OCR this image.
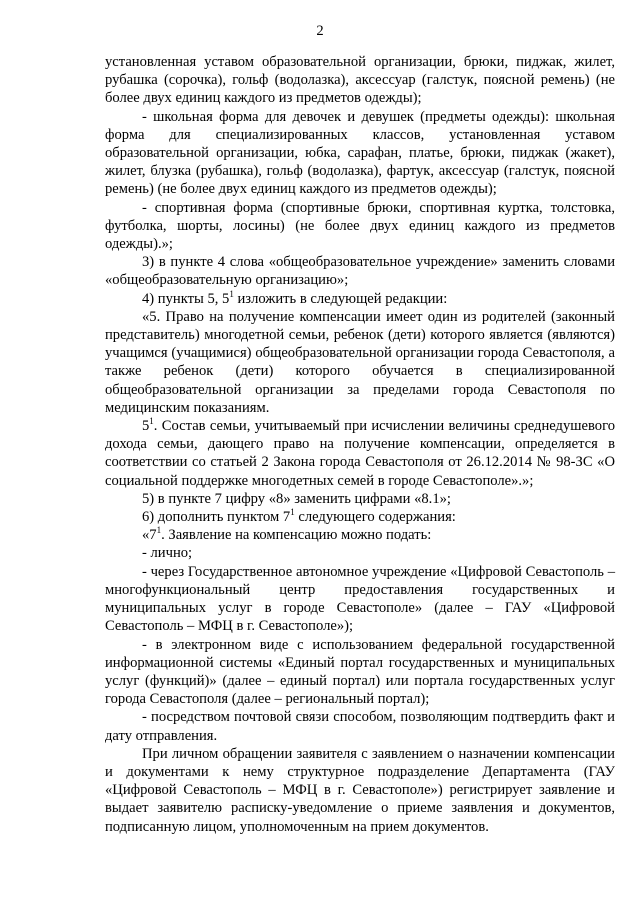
2

установленная уставом образовательной организации, брюки, пиджак, жилет, рубашка (сорочка), гольф (водолазка), аксессуар (галстук, поясной ремень) (не более двух единиц каждого из предметов одежды);

- школьная форма для девочек и девушек (предметы одежды): школьная форма для специализированных классов, установленная уставом образовательной организации, юбка, сарафан, платье, брюки, пиджак (жакет), жилет, блузка (рубашка), гольф (водолазка), фартук, аксессуар (галстук, поясной ремень) (не более двух единиц каждого из предметов одежды);

- спортивная форма (спортивные брюки, спортивная куртка, толстовка, футболка, шорты, лосины) (не более двух единиц каждого из предметов одежды).»;

3) в пункте 4 слова «общеобразовательное учреждение» заменить словами «общеобразовательную организацию»;

4) пункты 5, $5^1$ изложить в следующей редакции:

«5. Право на получение компенсации имеет один из родителей (законный представитель) многодетной семьи, ребенок (дети) которого является (являются) учащимся (учащимися) общеобразовательной организации города Севастополя, а также ребенок (дети) которого обучается в специализированной общеобразовательной организации за пределами города Севастополя по медицинским показаниям.

$5^1$. Состав семьи, учитываемый при исчислении величины среднедушевого дохода семьи, дающего право на получение компенсации, определяется в соответствии со статьей 2 Закона города Севастополя от 26.12.2014 № 98-ЗС «О социальной поддержке многодетных семей в городе Севастополе».»;

5) в пункте 7 цифру «8» заменить цифрами «8.1»;

6) дополнить пунктом $7^1$ следующего содержания:

«$7^1$. Заявление на компенсацию можно подать:

- лично;

- через Государственное автономное учреждение «Цифровой Севастополь – многофункциональный центр предоставления государственных и муниципальных услуг в городе Севастополе» (далее – ГАУ «Цифровой Севастополь – МФЦ в г. Севастополе»);

- в электронном виде с использованием федеральной государственной информационной системы «Единый портал государственных и муниципальных услуг (функций)» (далее – единый портал) или портала государственных услуг города Севастополя (далее – региональный портал);

- посредством почтовой связи способом, позволяющим подтвердить факт и дату отправления.

При личном обращении заявителя с заявлением о назначении компенсации и документами к нему структурное подразделение Департамента (ГАУ «Цифровой Севастополь – МФЦ в г. Севастополе») регистрирует заявление и выдает заявителю расписку-уведомление о приеме заявления и документов, подписанную лицом, уполномоченным на прием документов.
